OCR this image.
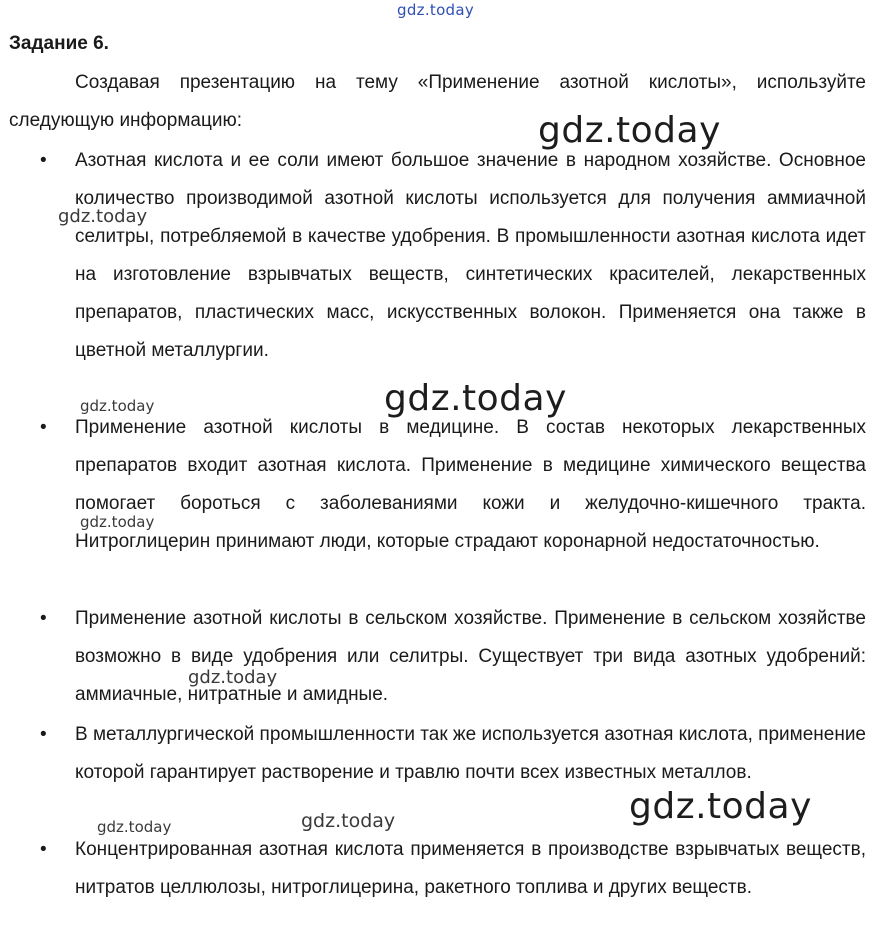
gdz.today
Задание 6.
Создавая презентацию на тему «Применение азотной кислоты», используйте следующую информацию:
• Азотная кислота и ее соли имеют большое значение в народном хозяйстве. Основное количество производимой азотной кислоты используется для получения аммиачной селитры, потребляемой в качестве удобрения. В промышленности азотная кислота идет на изготовление взрывчатых веществ, синтетических красителей, лекарственных препаратов, пластических масс, искусственных волокон. Применяется она также в цветной металлургии.
• Применение азотной кислоты в медицине. В состав некоторых лекарственных препаратов входит азотная кислота. Применение в медицине химического вещества помогает бороться с заболеваниями кожи и желудочно-кишечного тракта. Нитроглицерин принимают люди, которые страдают коронарной недостаточностью.
• Применение азотной кислоты в сельском хозяйстве. Применение в сельском хозяйстве возможно в виде удобрения или селитры. Существует три вида азотных удобрений: аммиачные, нитратные и амидные.
• В металлургической промышленности так же используется азотная кислота, применение которой гарантирует растворение и травлю почти всех известных металлов.
• Концентрированная азотная кислота применяется в производстве взрывчатых веществ, нитратов целлюлозы, нитроглицерина, ракетного топлива и других веществ.
gdz.today
gdz.today
gdz.today
gdz.today
gdz.today
gdz.today
gdz.today
gdz.today	gdz.today
